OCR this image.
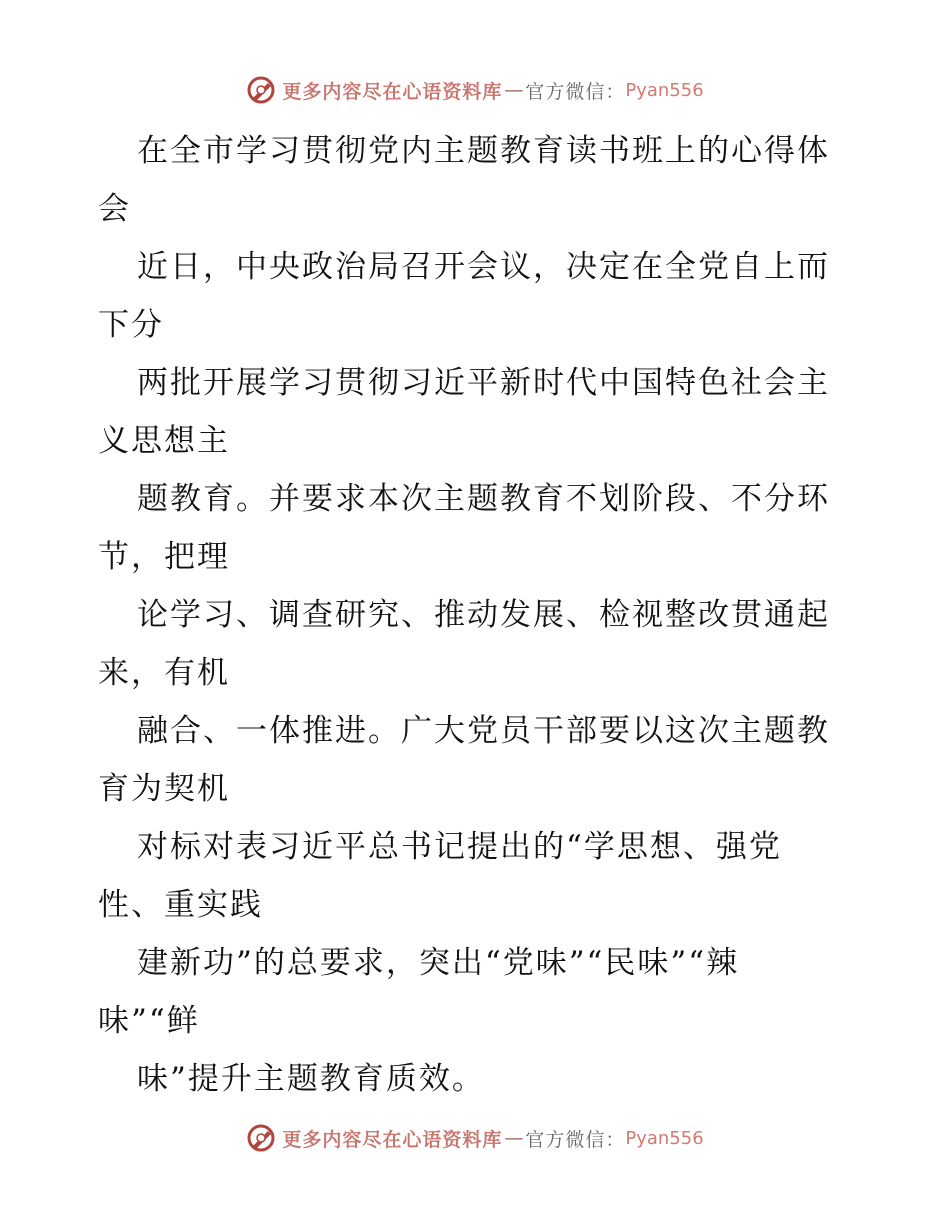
更多内容尽在心语资料库 — 官方微信： Pyan556
在全市学习贯彻党内主题教育读书班上的心得体
会
近日，中央政治局召开会议，决定在全党自上而
下分
两批开展学习贯彻习近平新时代中国特色社会主
义思想主
题教育。并要求本次主题教育不划阶段、不分环
节，把理
论学习、调查研究、推动发展、检视整改贯通起
来，有机
融合、一体推进。广大党员干部要以这次主题教
育为契机
对标对表习近平总书记提出的“学思想、强党
性、重实践
建新功”的总要求，突出“党味”“民味”“辣
味”“鲜
味”提升主题教育质效。
更多内容尽在心语资料库 — 官方微信： Pyan556
